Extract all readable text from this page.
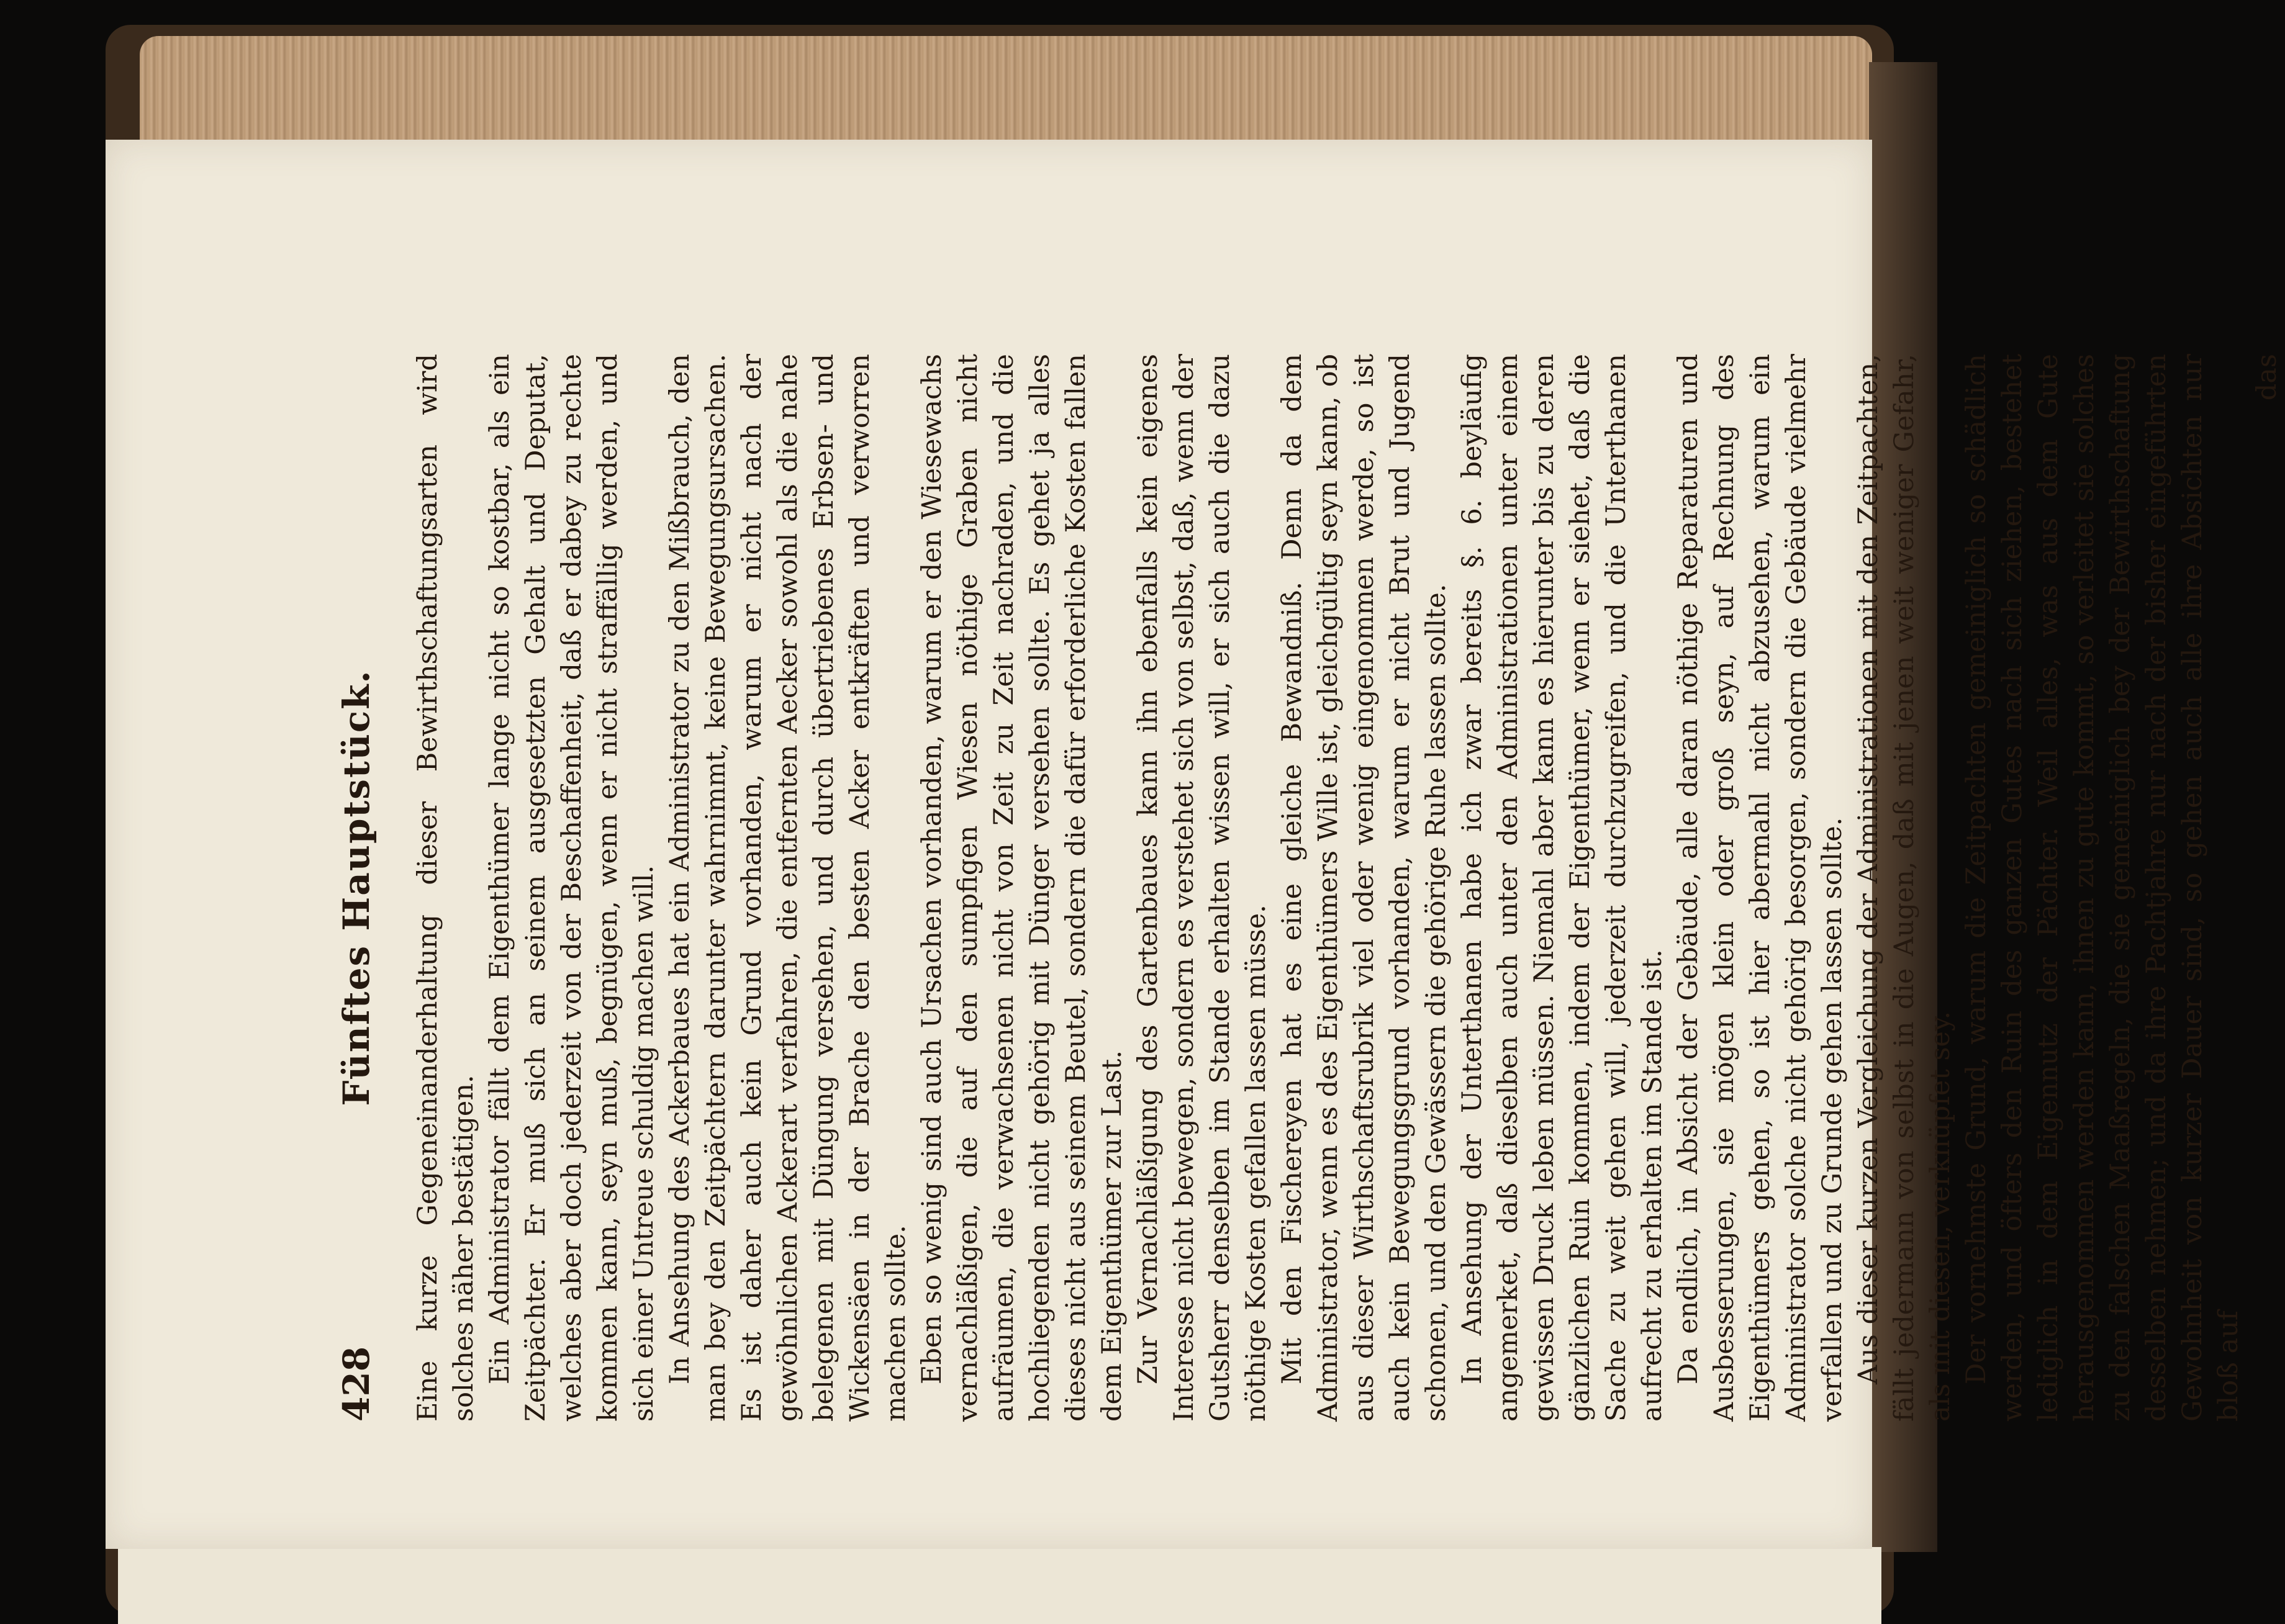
428
Fünftes Hauptstück. Eine kurze Gegeneinanderhaltung dieser Bewirthschaftungsarten wird solches näher bestätigen. Ein Administrator fällt dem Eigenthümer lange nicht so kostbar, als ein Zeitpächter. Er muß sich an seinem ausgesetzten Gehalt und Deputat, welches aber doch jederzeit von der Beschaffenheit, daß er dabey zu rechte kommen kann, seyn muß, begnügen, wenn er nicht straffällig werden, und sich einer Untreue schuldig machen will. In Ansehung des Ackerbaues hat ein Administrator zu den Mißbrauch, den man bey den Zeitpächtern darunter wahrnimmt, keine Bewegungsursachen. Es ist daher auch kein Grund vorhanden, warum er nicht nach der gewöhnlichen Ackerart verfahren, die entfernten Aecker sowohl als die nahe belegenen mit Düngung versehen, und durch übertriebenes Erbsen- und Wickensäen in der Brache den besten Acker entkräften und verworren machen sollte. Eben so wenig sind auch Ursachen vorhanden, warum er den Wiesewachs vernachläßigen, die auf den sumpfigen Wiesen nöthige Graben nicht aufräumen, die verwachsenen nicht von Zeit zu Zeit nachraden, und die hochliegenden nicht gehörig mit Dünger versehen sollte. Es gehet ja alles dieses nicht aus seinem Beutel, sondern die dafür erforderliche Kosten fallen dem Eigenthümer zur Last. Zur Vernachläßigung des Gartenbaues kann ihn ebenfalls kein eigenes Interesse nicht bewegen, sondern es verstehet sich von selbst, daß, wenn der Gutsherr denselben im Stande erhalten wissen will, er sich auch die dazu nöthige Kosten gefallen lassen müsse. Mit den Fischereyen hat es eine gleiche Bewandniß. Denn da dem Administrator, wenn es des Eigenthümers Wille ist, gleichgültig seyn kann, ob aus dieser Wirthschaftsrubrik viel oder wenig eingenommen werde, so ist auch kein Bewegungsgrund vorhanden, warum er nicht Brut und Jugend schonen, und den Gewässern die gehörige Ruhe lassen sollte. In Ansehung der Unterthanen habe ich zwar bereits §. 6. beyläufig angemerket, daß dieselben auch unter den Administrationen unter einem gewissen Druck leben müssen. Niemahl aber kann es hierunter bis zu deren gänzlichen Ruin kommen, indem der Eigenthümer, wenn er siehet, daß die Sache zu weit gehen will, jederzeit durchzugreifen, und die Unterthanen aufrecht zu erhalten im Stande ist. Da endlich, in Absicht der Gebäude, alle daran nöthige Reparaturen und Ausbesserungen, sie mögen klein oder groß seyn, auf Rechnung des Eigenthümers gehen, so ist hier abermahl nicht abzusehen, warum ein Administrator solche nicht gehörig besorgen, sondern die Gebäude vielmehr verfallen und zu Grunde gehen lassen sollte. Aus dieser kurzen Vergleichung der Administrationen mit den Zeitpachten, fällt jedermann von selbst in die Augen, daß mit jenen weit weniger Gefahr, als mit diesen, verknüpfet sey. Der vornehmste Grund, warum die Zeitpachten gemeiniglich so schädlich werden, und öfters den Ruin des ganzen Gutes nach sich ziehen, bestehet lediglich in dem Eigennutz der Pächter. Weil alles, was aus dem Gute herausgenommen werden kann, ihnen zu gute kommt, so verleitet sie solches zu den falschen Maaßregeln, die sie gemeiniglich bey der Bewirthschaftung desselben nehmen; und da ihre Pachtjahre nur nach der bisher eingeführten Gewohnheit von kurzer Dauer sind, so gehen auch alle ihre Absichten nur bloß auf

das
